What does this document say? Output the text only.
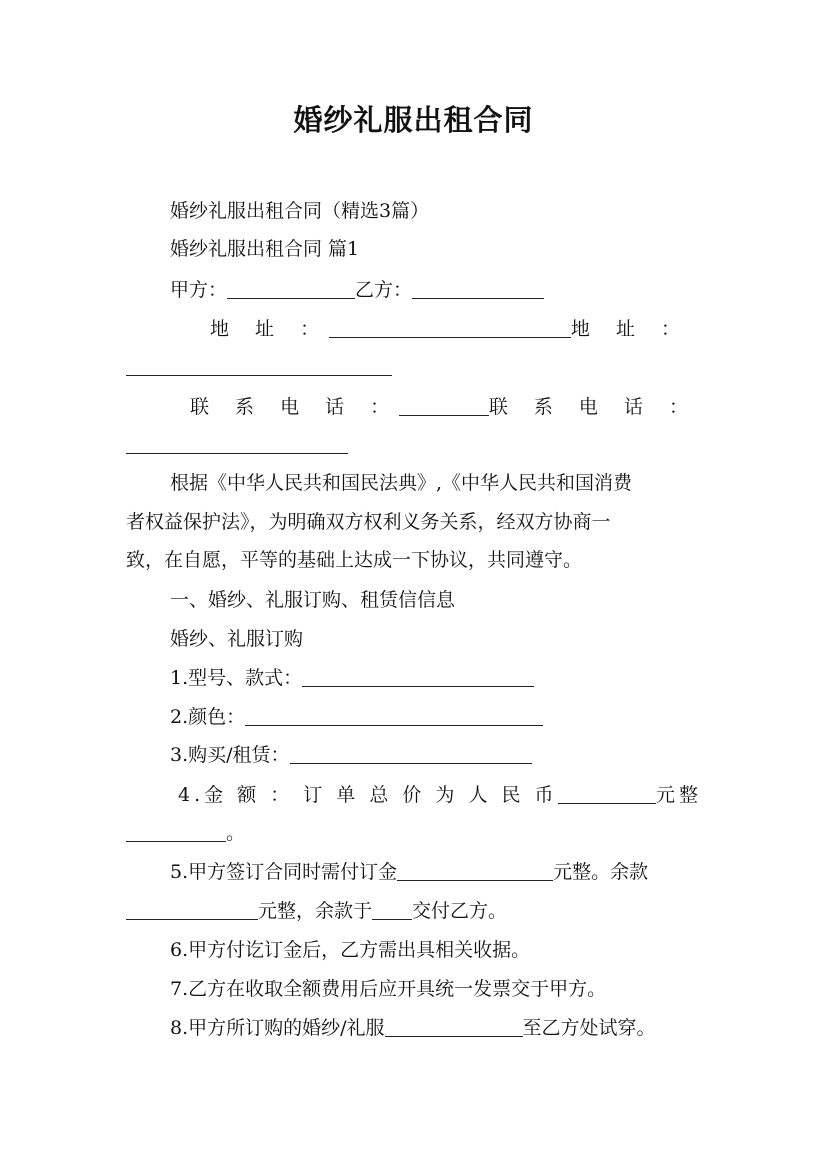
婚纱礼服出租合同
婚纱礼服出租合同（精选3篇）
婚纱礼服出租合同 篇1
甲方：	乙方：
地 址 ：	地 址 ：
联 系 电 话 ：	联 系 电 话 ：
根据《中华人民共和国民法典》,《中华人民共和国消费
者权益保护法》，为明确双方权利义务关系，经双方协商一
致，在自愿，平等的基础上达成一下协议，共同遵守。
一、婚纱、礼服订购、租赁信信息
婚纱、礼服订购
1.型号、款式：
2.颜色：
3.购买/租赁：
4.金 额 ： 订 单 总 价 为 人 民 币	元整
。
5.甲方签订合同时需付订金	元整。余款
元整，余款于 交付乙方。
6.甲方付讫订金后，乙方需出具相关收据。
7.乙方在收取全额费用后应开具统一发票交于甲方。
8.甲方所订购的婚纱/礼服	至乙方处试穿。
